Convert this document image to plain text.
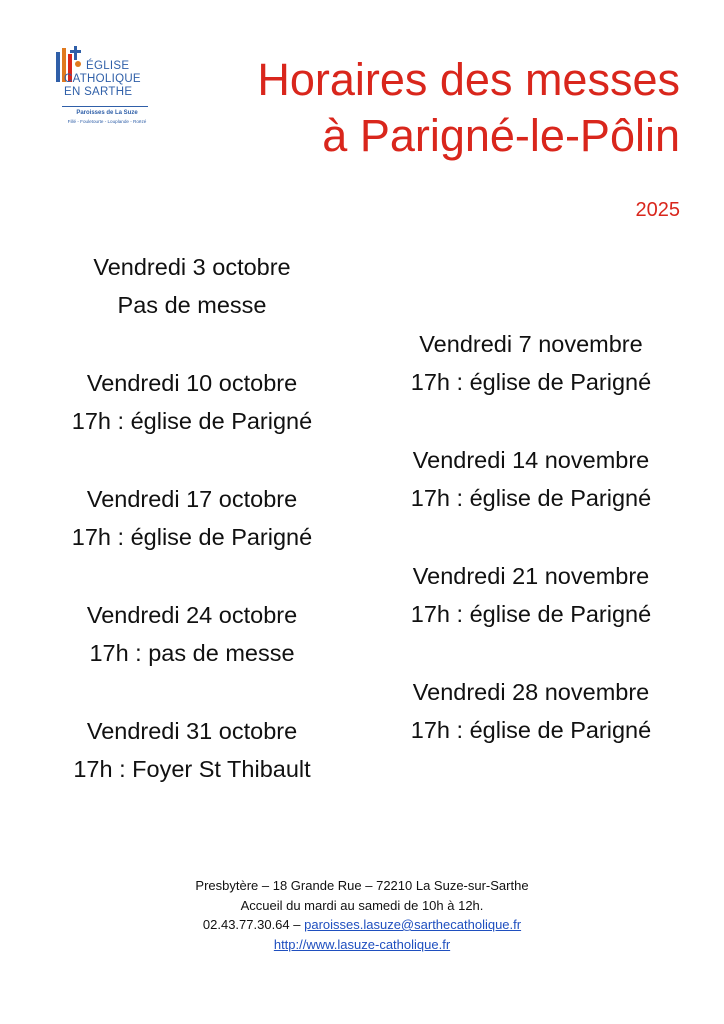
ÉGLISE
CATHOLIQUE
EN SARTHE
Paroisses de La Suze
Fillé - Fouletourte - Louplande - Roëzé
Horaires des messes
à Parigné-le-Pôlin
2025
Vendredi 3 octobre
Pas de messe
Vendredi 10 octobre
17h : église de Parigné
Vendredi 17 octobre
17h : église de Parigné
Vendredi 24 octobre
17h : pas de messe
Vendredi 31 octobre
17h : Foyer St Thibault
Vendredi 7 novembre
17h : église de Parigné
Vendredi 14 novembre
17h : église de Parigné
Vendredi 21 novembre
17h : église de Parigné
Vendredi 28 novembre
17h : église de Parigné
Presbytère – 18 Grande Rue – 72210 La Suze-sur-Sarthe
Accueil du mardi au samedi de 10h à 12h.
02.43.77.30.64 – paroisses.lasuze@sarthecatholique.fr
http://www.lasuze-catholique.fr
